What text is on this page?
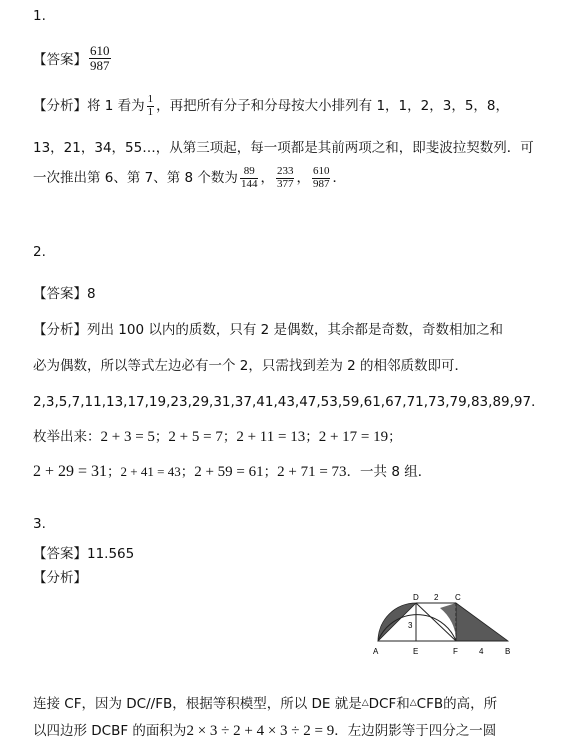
1.
【答案】 $\frac{610}{987}$
【分析】将 1 看为 $\frac{1}{1}$ ，再把所有分子和分母按大小排列有 1，1，2，3，5，8，
13，21，34，55…，从第三项起，每一项都是其前两项之和，即斐波拉契数列．可
一次推出第 6、第 7、第 8 个数为 $\frac{89}{144}$ ， $\frac{233}{377}$ ， $\frac{610}{987}$ ．
2.
【答案】8
【分析】列出 100 以内的质数，只有 2 是偶数，其余都是奇数，奇数相加之和
必为偶数，所以等式左边必有一个 2，只需找到差为 2 的相邻质数即可．
2,3,5,7,11,13,17,19,23,29,31,37,41,43,47,53,59,61,67,71,73,79,83,89,97．
枚举出来：2 + 3 = 5；2 + 5 = 7；2 + 11 = 13；2 + 17 = 19；
2 + 29 = 31；2 + 41 = 43；2 + 59 = 61；2 + 71 = 73．一共 8 组．
3.
【答案】11.565
【分析】
D 2 C
3
A	E	F	4	B
连接 CF，因为 DC//FB，根据等积模型，所以 DE 就是△DCF和△CFB的高，所
以四边形 DCBF 的面积为2 × 3 ÷ 2 + 4 × 3 ÷ 2 = 9．左边阴影等于四分之一圆
